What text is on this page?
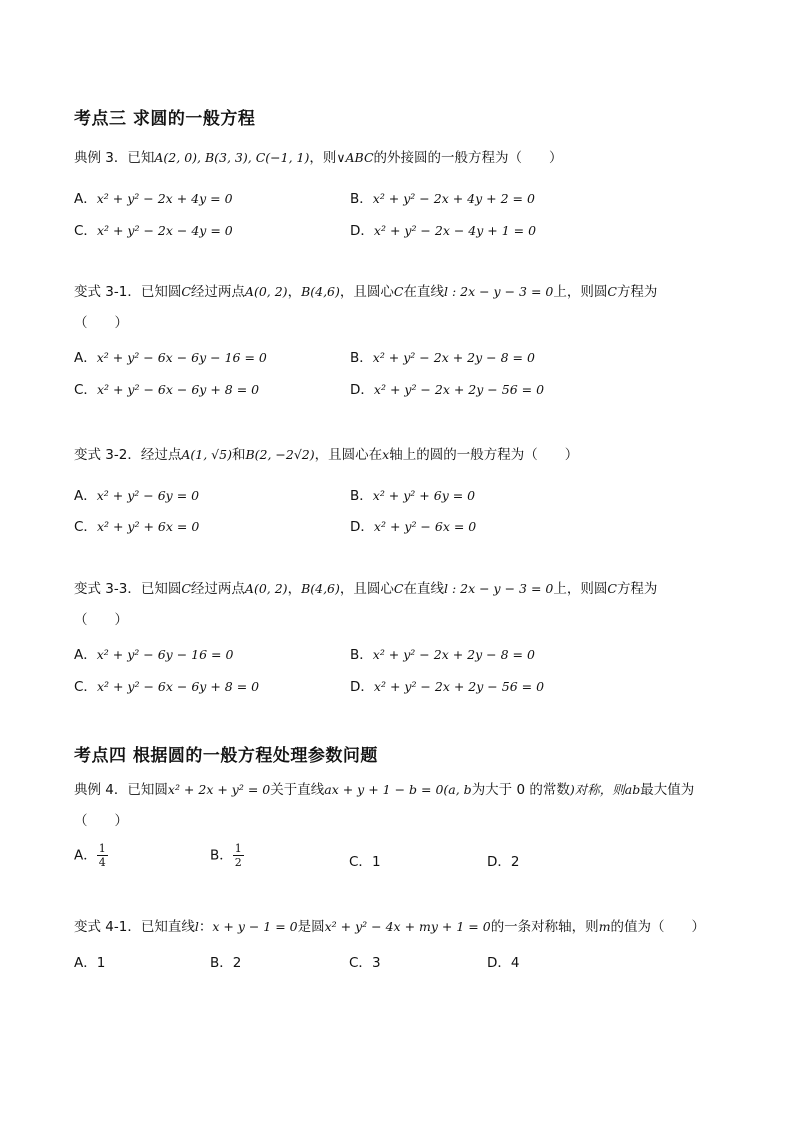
考点三 求圆的一般方程
典例 3．已知A(2, 0), B(3, 3), C(−1, 1)，则∨ABC的外接圆的一般方程为（　　）
A．x² + y² − 2x + 4y = 0	B．x² + y² − 2x + 4y + 2 = 0
C．x² + y² − 2x − 4y = 0	D．x² + y² − 2x − 4y + 1 = 0
变式 3-1．已知圆C经过两点A(0, 2)，B(4,6)，且圆心C在直线l : 2x − y − 3 = 0上，则圆C方程为
（　　）
A．x² + y² − 6x − 6y − 16 = 0	B．x² + y² − 2x + 2y − 8 = 0
C．x² + y² − 6x − 6y + 8 = 0	D．x² + y² − 2x + 2y − 56 = 0
变式 3-2．经过点A(1, √5)和B(2, −2√2)，且圆心在x轴上的圆的一般方程为（　　）
A．x² + y² − 6y = 0	B．x² + y² + 6y = 0
C．x² + y² + 6x = 0	D．x² + y² − 6x = 0
变式 3-3．已知圆C经过两点A(0, 2)，B(4,6)，且圆心C在直线l : 2x − y − 3 = 0上，则圆C方程为
（　　）
A．x² + y² − 6y − 16 = 0	B．x² + y² − 2x + 2y − 8 = 0
C．x² + y² − 6x − 6y + 8 = 0	D．x² + y² − 2x + 2y − 56 = 0
考点四 根据圆的一般方程处理参数问题
典例 4．已知圆x² + 2x + y² = 0关于直线ax + y + 1 − b = 0(a, b为大于 0 的常数)对称，则ab最大值为
（　　）
A． $\frac{1}{4}$	B． $\frac{1}{2}$	C．1	D．2
变式 4-1．已知直线l：x + y − 1 = 0是圆x² + y² − 4x + my + 1 = 0的一条对称轴，则m的值为（　　）
A．1	B．2	C．3	D．4
